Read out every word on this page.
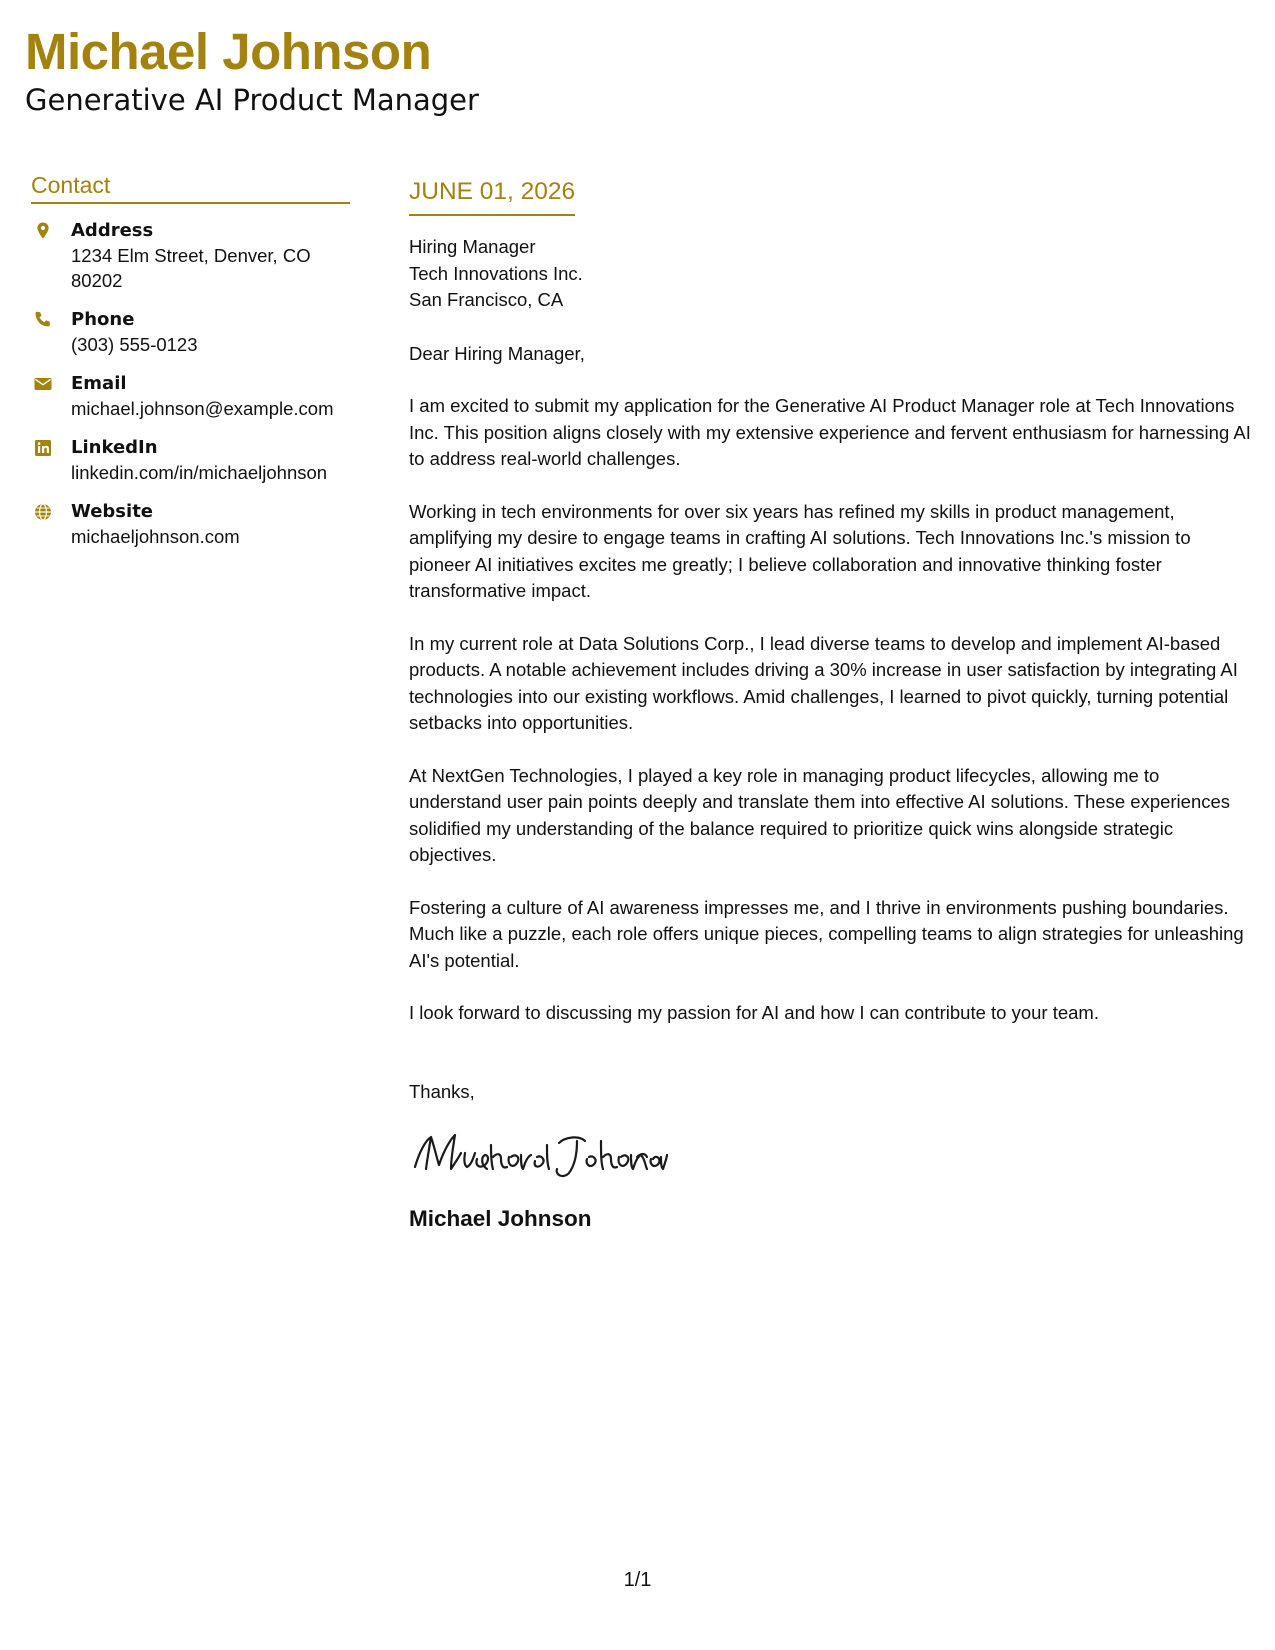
Michael Johnson
Generative AI Product Manager
Contact
Address
1234 Elm Street, Denver, CO 80202
Phone
(303) 555-0123
Email
michael.johnson@example.com
LinkedIn
linkedin.com/in/michaeljohnson
Website
michaeljohnson.com
JUNE 01, 2026
Hiring Manager
Tech Innovations Inc.
San Francisco, CA
Dear Hiring Manager,
I am excited to submit my application for the Generative AI Product Manager role at Tech Innovations Inc. This position aligns closely with my extensive experience and fervent enthusiasm for harnessing AI to address real-world challenges.
Working in tech environments for over six years has refined my skills in product management, amplifying my desire to engage teams in crafting AI solutions. Tech Innovations Inc.'s mission to pioneer AI initiatives excites me greatly; I believe collaboration and innovative thinking foster transformative impact.
In my current role at Data Solutions Corp., I lead diverse teams to develop and implement AI-based products. A notable achievement includes driving a 30% increase in user satisfaction by integrating AI technologies into our existing workflows. Amid challenges, I learned to pivot quickly, turning potential setbacks into opportunities.
At NextGen Technologies, I played a key role in managing product lifecycles, allowing me to understand user pain points deeply and translate them into effective AI solutions. These experiences solidified my understanding of the balance required to prioritize quick wins alongside strategic objectives.
Fostering a culture of AI awareness impresses me, and I thrive in environments pushing boundaries. Much like a puzzle, each role offers unique pieces, compelling teams to align strategies for unleashing AI's potential.
I look forward to discussing my passion for AI and how I can contribute to your team.
Thanks,
Michael Johnson
1/1
